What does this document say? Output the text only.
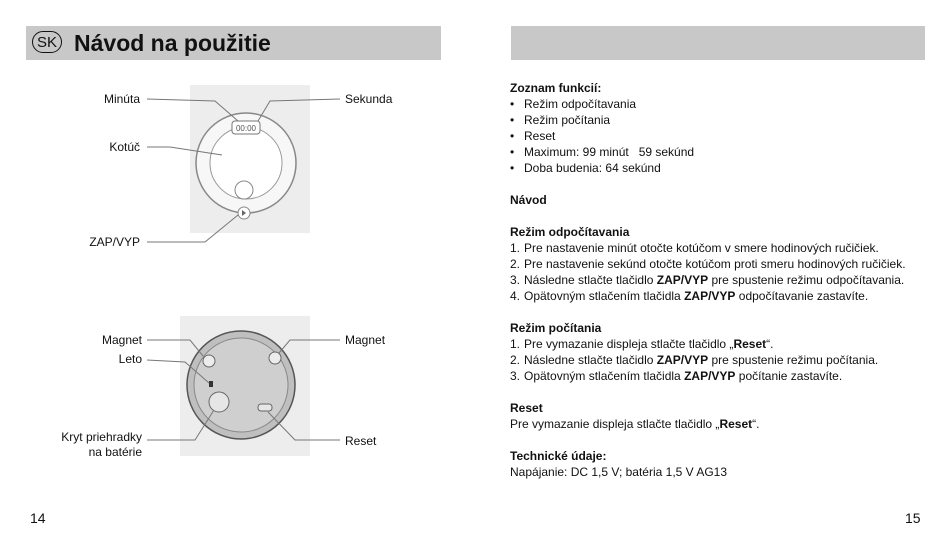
SK Návod na použitie
00:00
Minúta	Sekunda
Kotúč
ZAP/VYP
Magnet
Leto
Magnet
Kryt priehradky
na batérie
Reset
14
Zoznam funkcií:
• Režim odpočítavania
• Režim počítania
• Reset
• Maximum: 99 minút 59 sekúnd
• Doba budenia: 64 sekúnd
Návod
Režim odpočítavania
1. Pre nastavenie minút otočte kotúčom v smere hodinových ručičiek.
2. Pre nastavenie sekúnd otočte kotúčom proti smeru hodinových ručičiek.
3. Následne stlačte tlačidlo ZAP/VYP pre spustenie režimu odpočítavania.
4. Opätovným stlačením tlačidla ZAP/VYP odpočítavanie zastavíte.
Režim počítania
1. Pre vymazanie displeja stlačte tlačidlo „Reset“.
2. Následne stlačte tlačidlo ZAP/VYP pre spustenie režimu počítania.
3. Opätovným stlačením tlačidla ZAP/VYP počítanie zastavíte.
Reset

Pre vymazanie displeja stlačte tlačidlo „Reset“.

Technické údaje:

Napájanie: DC 1,5 V; batéria 1,5 V AG13

15
